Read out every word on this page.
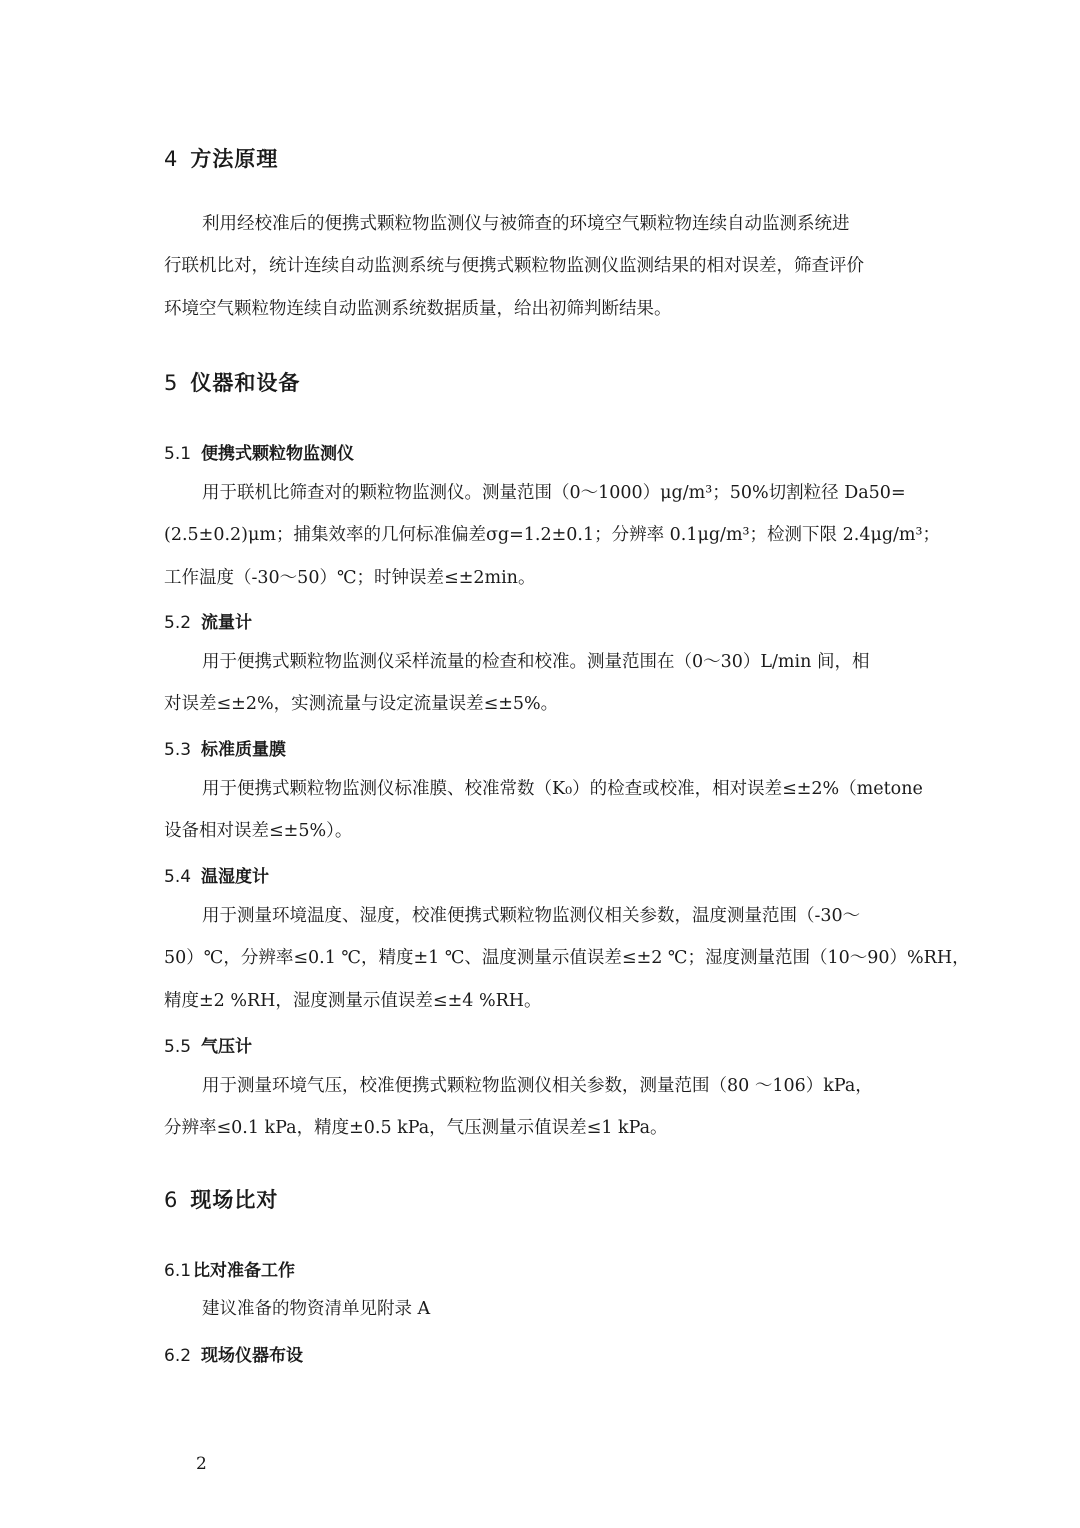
4 方法原理
利用经校准后的便携式颗粒物监测仪与被筛查的环境空气颗粒物连续自动监测系统进
行联机比对，统计连续自动监测系统与便携式颗粒物监测仪监测结果的相对误差，筛查评价
环境空气颗粒物连续自动监测系统数据质量，给出初筛判断结果。
5 仪器和设备
5.1 便携式颗粒物监测仪
用于联机比筛查对的颗粒物监测仪。测量范围（0～1000）μg/m³；50%切割粒径 Da50=
(2.5±0.2)μm；捕集效率的几何标准偏差σg=1.2±0.1；分辨率 0.1μg/m³；检测下限 2.4μg/m³；
工作温度（-30～50）℃；时钟误差≤±2min。
5.2 流量计
用于便携式颗粒物监测仪采样流量的检查和校准。测量范围在（0～30）L/min 间，相
对误差≤±2%，实测流量与设定流量误差≤±5%。
5.3 标准质量膜
用于便携式颗粒物监测仪标准膜、校准常数（K₀）的检查或校准，相对误差≤±2%（metone
设备相对误差≤±5%）。
5.4 温湿度计
用于测量环境温度、湿度，校准便携式颗粒物监测仪相关参数，温度测量范围（-30～
50）℃，分辨率≤0.1 ℃，精度±1 ℃、温度测量示值误差≤±2 ℃；湿度测量范围（10～90）%RH，
精度±2 %RH，湿度测量示值误差≤±4 %RH。
5.5 气压计
用于测量环境气压，校准便携式颗粒物监测仪相关参数，测量范围（80 ～106）kPa，
分辨率≤0.1 kPa，精度±0.5 kPa，气压测量示值误差≤1 kPa。
6 现场比对
6.1 比对准备工作
建议准备的物资清单见附录 A
6.2 现场仪器布设
2
